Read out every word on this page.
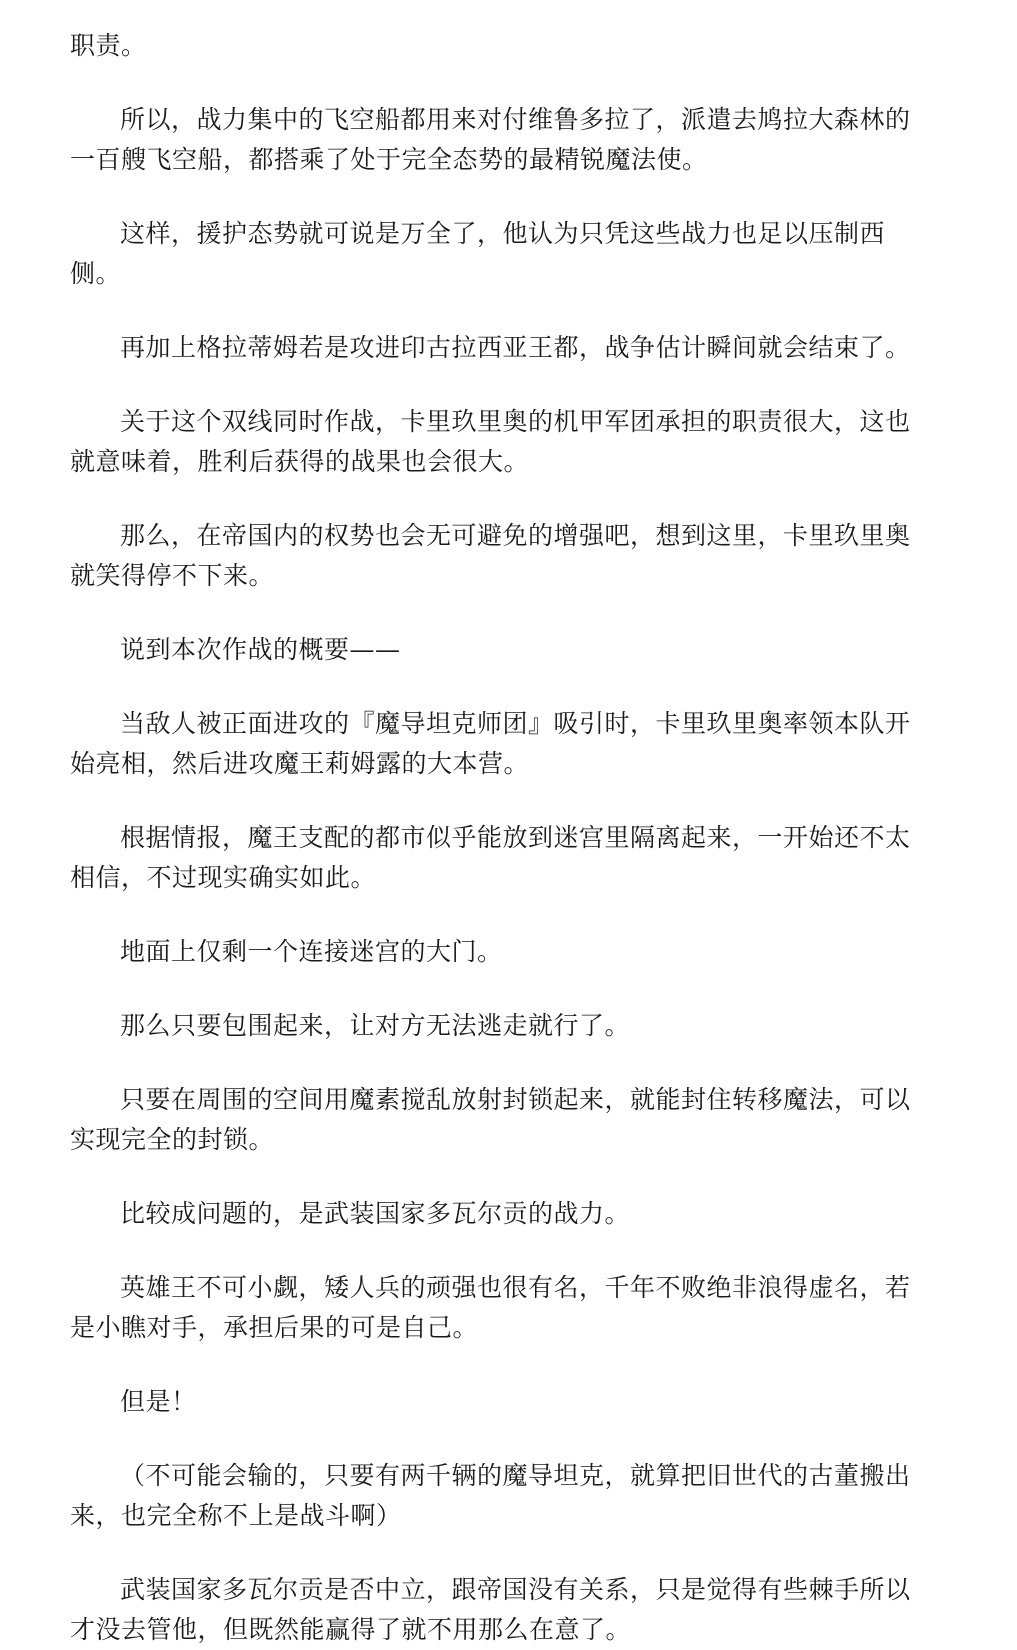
职责。

所以，战力集中的飞空船都用来对付维鲁多拉了，派遣去鸠拉大森林的一百艘飞空船，都搭乘了处于完全态势的最精锐魔法使。

这样，援护态势就可说是万全了，他认为只凭这些战力也足以压制西侧。

再加上格拉蒂姆若是攻进印古拉西亚王都，战争估计瞬间就会结束了。

关于这个双线同时作战，卡里玖里奥的机甲军团承担的职责很大，这也就意味着，胜利后获得的战果也会很大。

那么，在帝国内的权势也会无可避免的增强吧，想到这里，卡里玖里奥就笑得停不下来。

说到本次作战的概要——

当敌人被正面进攻的『魔导坦克师团』吸引时，卡里玖里奥率领本队开始亮相，然后进攻魔王莉姆露的大本营。

根据情报，魔王支配的都市似乎能放到迷宫里隔离起来，一开始还不太相信，不过现实确实如此。

地面上仅剩一个连接迷宫的大门。

那么只要包围起来，让对方无法逃走就行了。

只要在周围的空间用魔素搅乱放射封锁起来，就能封住转移魔法，可以实现完全的封锁。

比较成问题的，是武装国家多瓦尔贡的战力。

英雄王不可小觑，矮人兵的顽强也很有名，千年不败绝非浪得虚名，若是小瞧对手，承担后果的可是自己。

但是！

（不可能会输的，只要有两千辆的魔导坦克，就算把旧世代的古董搬出来，也完全称不上是战斗啊）

武装国家多瓦尔贡是否中立，跟帝国没有关系，只是觉得有些棘手所以才没去管他，但既然能赢得了就不用那么在意了。
